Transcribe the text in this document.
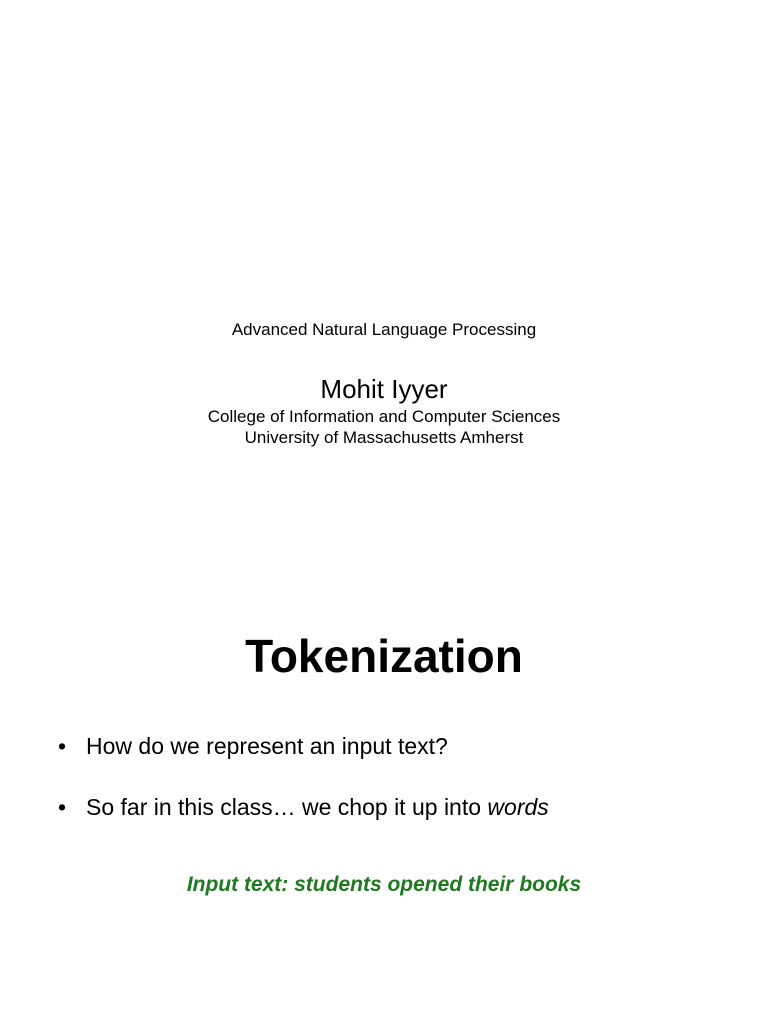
Advanced Natural Language Processing
Mohit Iyyer
College of Information and Computer Sciences
University of Massachusetts Amherst
Tokenization
• How do we represent an input text?
• So far in this class… we chop it up into words
Input text: students opened their books
